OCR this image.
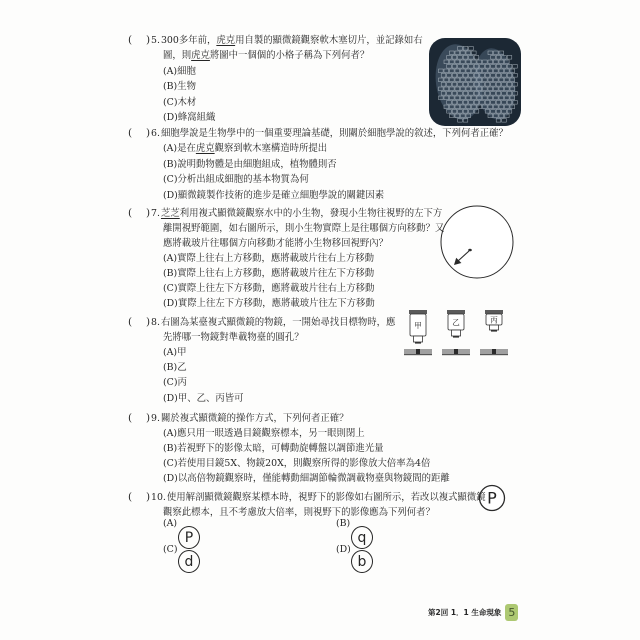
甲	乙	丙
P
第2回 1．1 生命現象 5
( ) 5.300多年前，虎克用自製的顯微鏡觀察軟木塞切片，並記錄如右
圖，則虎克將圖中一個個的小格子稱為下列何者？
(A)細胞
(B)生物
(C)木材
(D)蜂窩組織
( ) 6.細胞學說是生物學中的一個重要理論基礎，則關於細胞學說的敘述，下列何者正確？
(A)是在虎克觀察到軟木塞構造時所提出
(B)說明動物體是由細胞組成，植物體則否
(C)分析出組成細胞的基本物質為何
(D)顯微鏡製作技術的進步是確立細胞學說的關鍵因素
( ) 7.芝芝利用複式顯微鏡觀察水中的小生物，發現小生物往視野的左下方
離開視野範圍，如右圖所示，則小生物實際上是往哪個方向移動？又
應將載玻片往哪個方向移動才能將小生物移回視野內？
(A)實際上往右上方移動，應將載玻片往右上方移動
(B)實際上往右上方移動，應將載玻片往左下方移動
(C)實際上往左下方移動，應將載玻片往右上方移動
(D)實際上往左下方移動，應將載玻片往左下方移動
( ) 8.右圖為某臺複式顯微鏡的物鏡，一開始尋找目標物時，應
先將哪一物鏡對準載物臺的圓孔？
(A)甲
(B)乙
(C)丙
(D)甲、乙、丙皆可
( ) 9.關於複式顯微鏡的操作方式，下列何者正確？
(A)應只用一眼透過目鏡觀察標本，另一眼則閉上
(B)若視野下的影像太暗，可轉動旋轉盤以調節進光量
(C)若使用目鏡5X、物鏡20X，則觀察所得的影像放大倍率為4倍
(D)以高倍物鏡觀察時，僅能轉動細調節輪微調載物臺與物鏡間的距離
( ) 10.使用解剖顯微鏡觀察某標本時，視野下的影像如右圖所示，若改以複式顯微鏡
觀察此標本，且不考慮放大倍率，則視野下的影像應為下列何者？
(A)
P
(B)
q
(C)
d
(D)
b
